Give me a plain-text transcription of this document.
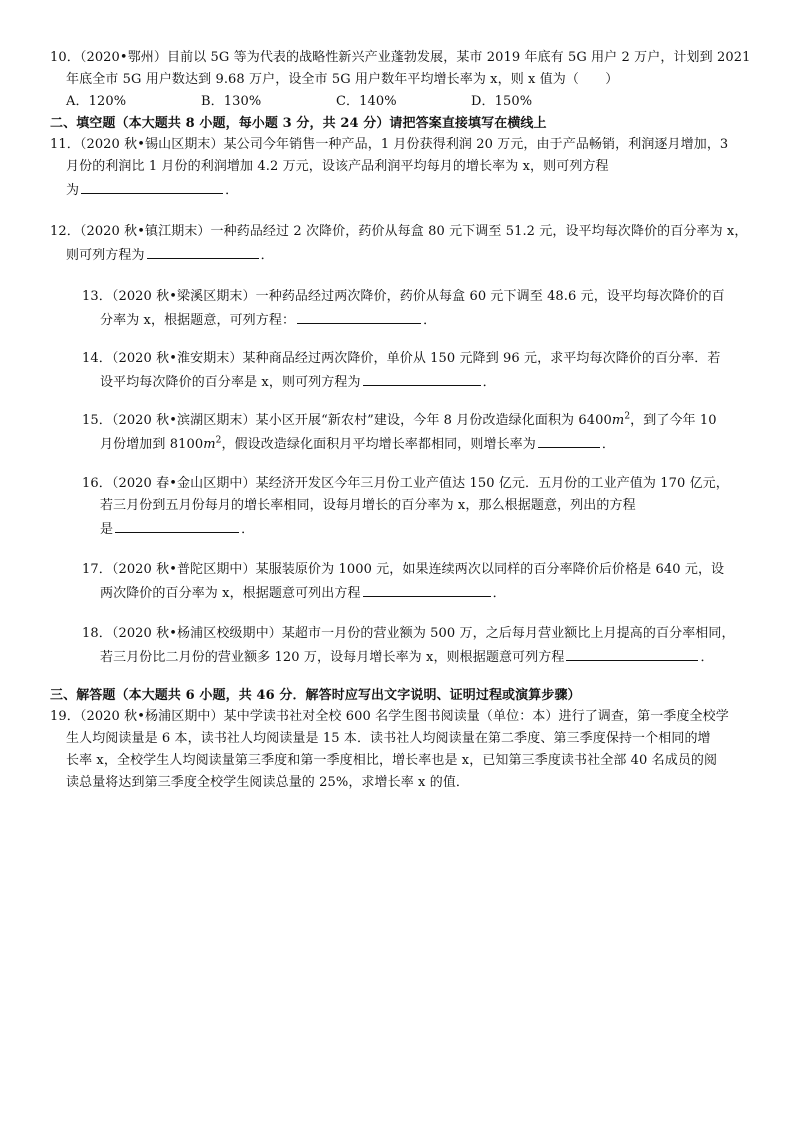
10．（2020•鄂州）目前以 5G 等为代表的战略性新兴产业蓬勃发展，某市 2019 年底有 5G 用户 2 万户，计划到 2021
年底全市 5G 用户数达到 9.68 万户，设全市 5G 用户数年平均增长率为 x，则 x 值为（　　）
A．120%	B．130%	C．140%	D．150%
二、填空题（本大题共 8 小题，每小题 3 分，共 24 分）请把答案直接填写在横线上
11．（2020 秋•锡山区期末）某公司今年销售一种产品，1 月份获得利润 20 万元，由于产品畅销，利润逐月增加，3
月份的利润比 1 月份的利润增加 4.2 万元，设该产品利润平均每月的增长率为 x，则可列方程
为	．
12．（2020 秋•镇江期末）一种药品经过 2 次降价，药价从每盒 80 元下调至 51.2 元，设平均每次降价的百分率为 x，
则可列方程为	．
13．（2020 秋•梁溪区期末）一种药品经过两次降价，药价从每盒 60 元下调至 48.6 元，设平均每次降价的百
分率为 x，根据题意，可列方程：	．
14．（2020 秋•淮安期末）某种商品经过两次降价，单价从 150 元降到 96 元，求平均每次降价的百分率．若
设平均每次降价的百分率是 x，则可列方程为	．
15．（2020 秋•滨湖区期末）某小区开展“新农村”建设，今年 8 月份改造绿化面积为 $6400m^2$，到了今年 10
月份增加到 $8100m^2$，假设改造绿化面积月平均增长率都相同，则增长率为	．
16．（2020 春•金山区期中）某经济开发区今年三月份工业产值达 150 亿元．五月份的工业产值为 170 亿元，
若三月份到五月份每月的增长率相同，设每月增长的百分率为 x，那么根据题意，列出的方程
是	．
17．（2020 秋•普陀区期中）某服装原价为 1000 元，如果连续两次以同样的百分率降价后价格是 640 元，设
两次降价的百分率为 x，根据题意可列出方程	．
18．（2020 秋•杨浦区校级期中）某超市一月份的营业额为 500 万，之后每月营业额比上月提高的百分率相同，
若三月份比二月份的营业额多 120 万，设每月增长率为 x，则根据题意可列方程	．
三、解答题（本大题共 6 小题，共 46 分．解答时应写出文字说明、证明过程或演算步骤）
19．（2020 秋•杨浦区期中）某中学读书社对全校 600 名学生图书阅读量（单位：本）进行了调查，第一季度全校学
生人均阅读量是 6 本，读书社人均阅读量是 15 本．读书社人均阅读量在第二季度、第三季度保持一个相同的增
长率 x，全校学生人均阅读量第三季度和第一季度相比，增长率也是 x，已知第三季度读书社全部 40 名成员的阅
读总量将达到第三季度全校学生阅读总量的 25%，求增长率 x 的值．
